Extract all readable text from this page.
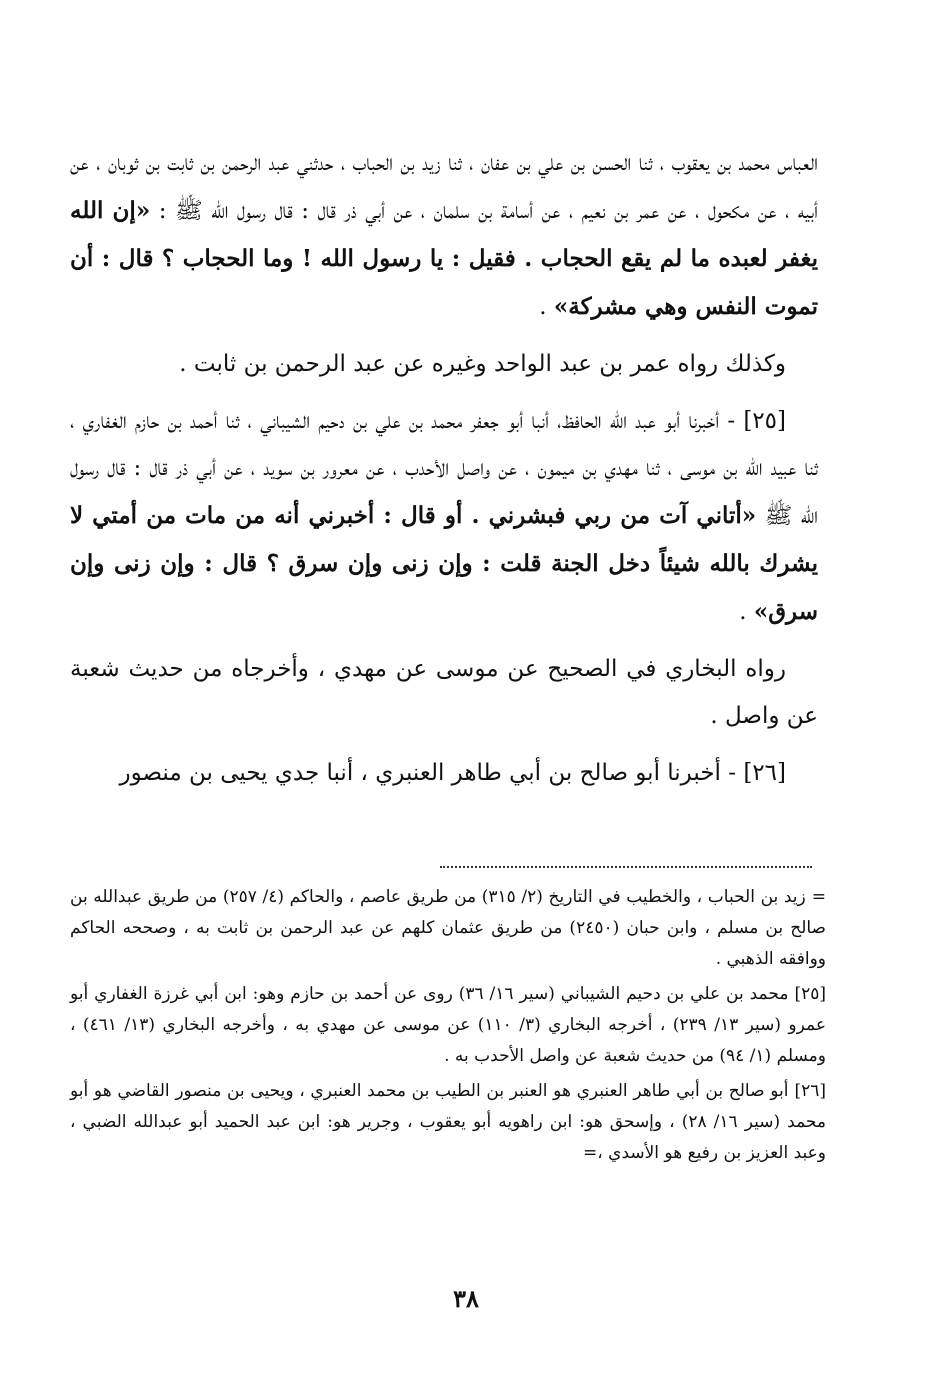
العباس محمد بن يعقوب ، ثنا الحسن بن علي بن عفان ، ثنا زيد بن الحباب ، حدثني عبد الرحمن بن ثابت بن ثوبان ، عن أبيه ، عن مكحول ، عن عمر بن نعيم ، عن أسامة بن سلمان ، عن أبي ذر قال : قال رسول الله ﷺ : «إن الله يغفر لعبده ما لم يقع الحجاب . فقيل : يا رسول الله ! وما الحجاب ؟ قال : أن تموت النفس وهي مشركة» .

وكذلك رواه عمر بن عبد الواحد وغيره عن عبد الرحمن بن ثابت .

[٢٥] - أخبرنا أبو عبد الله الحافظ، أنبا أبو جعفر محمد بن علي بن دحيم الشيباني ، ثنا أحمد بن حازم الغفاري ، ثنا عبيد الله بن موسى ، ثنا مهدي بن ميمون ، عن واصل الأحدب ، عن معرور بن سويد ، عن أبي ذر قال : قال رسول الله ﷺ «أتاني آت من ربي فبشرني . أو قال : أخبرني أنه من مات من أمتي لا يشرك بالله شيئاً دخل الجنة قلت : وإن زنى وإن سرق ؟ قال : وإن زنى وإن سرق» .

رواه البخاري في الصحيح عن موسى عن مهدي ، وأخرجاه من حديث شعبة عن واصل .

[٢٦] - أخبرنا أبو صالح بن أبي طاهر العنبري ، أنبا جدي يحيى بن منصور

=زيد بن الحباب ، والخطيب في التاريخ (٢/ ٣١٥) من طريق عاصم ، والحاكم (٤/ ٢٥٧) من طريق عبدالله بن صالح بن مسلم ، وابن حبان (٢٤٥٠) من طريق عثمان كلهم عن عبد الرحمن بن ثابت به ، وصححه الحاكم ووافقه الذهبي .

[٢٥]محمد بن علي بن دحيم الشيباني (سير ١٦/ ٣٦) روى عن أحمد بن حازم وهو: ابن أبي غرزة الغفاري أبو عمرو (سير ١٣/ ٢٣٩) ، أخرجه البخاري (٣/ ١١٠) عن موسى عن مهدي به ، وأخرجه البخاري (١٣/ ٤٦١) ، ومسلم (١/ ٩٤) من حديث شعبة عن واصل الأحدب به .

[٢٦]أبو صالح بن أبي طاهر العنبري هو العنبر بن الطيب بن محمد العنبري ، ويحيى بن منصور القاضي هو أبو محمد (سير ١٦/ ٢٨) ، وإسحق هو: ابن راهويه أبو يعقوب ، وجرير هو: ابن عبد الحميد أبو عبدالله الضبي ، وعبد العزيز بن رفيع هو الأسدي ،=

٣٨
